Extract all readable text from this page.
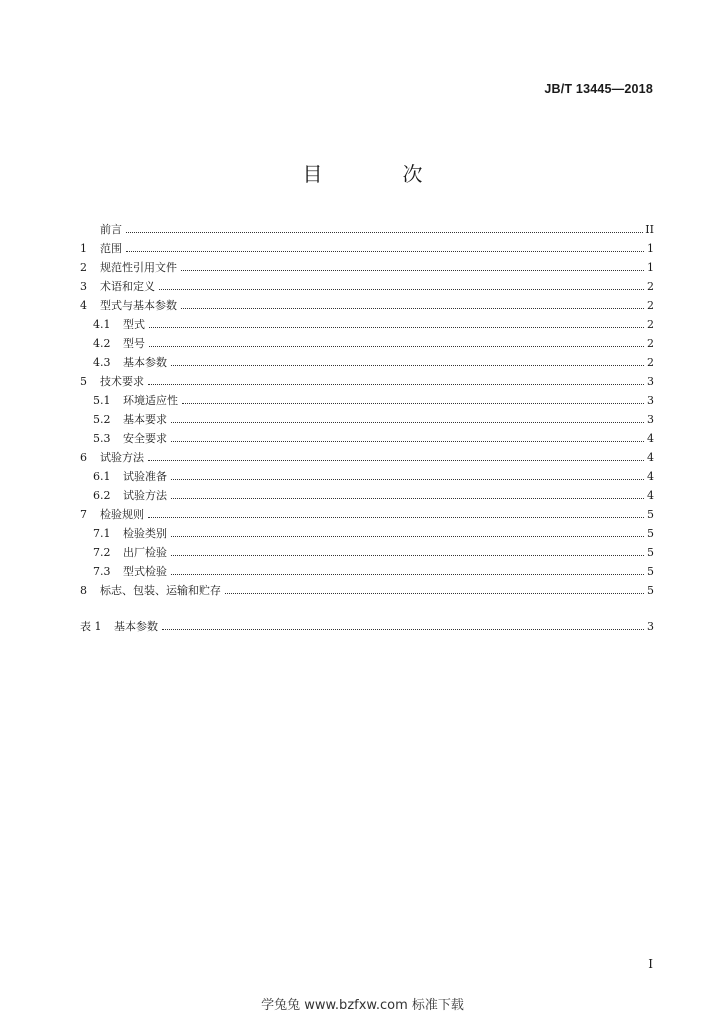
JB/T 13445—2018
目　次
前言	II
1	范围	1
2	规范性引用文件	1
3	术语和定义	2
4	型式与基本参数	2
4.1	型式	2
4.2	型号	2
4.3	基本参数	2
5	技术要求	3
5.1	环境适应性	3
5.2	基本要求	3
5.3	安全要求	4
6	试验方法	4
6.1	试验准备	4
6.2	试验方法	4
7	检验规则	5
7.1	检验类别	5
7.2	出厂检验	5
7.3	型式检验	5
8	标志、包装、运输和贮存	5
表 1	基本参数	3
I
学兔兔 www.bzfxw.com 标准下载
